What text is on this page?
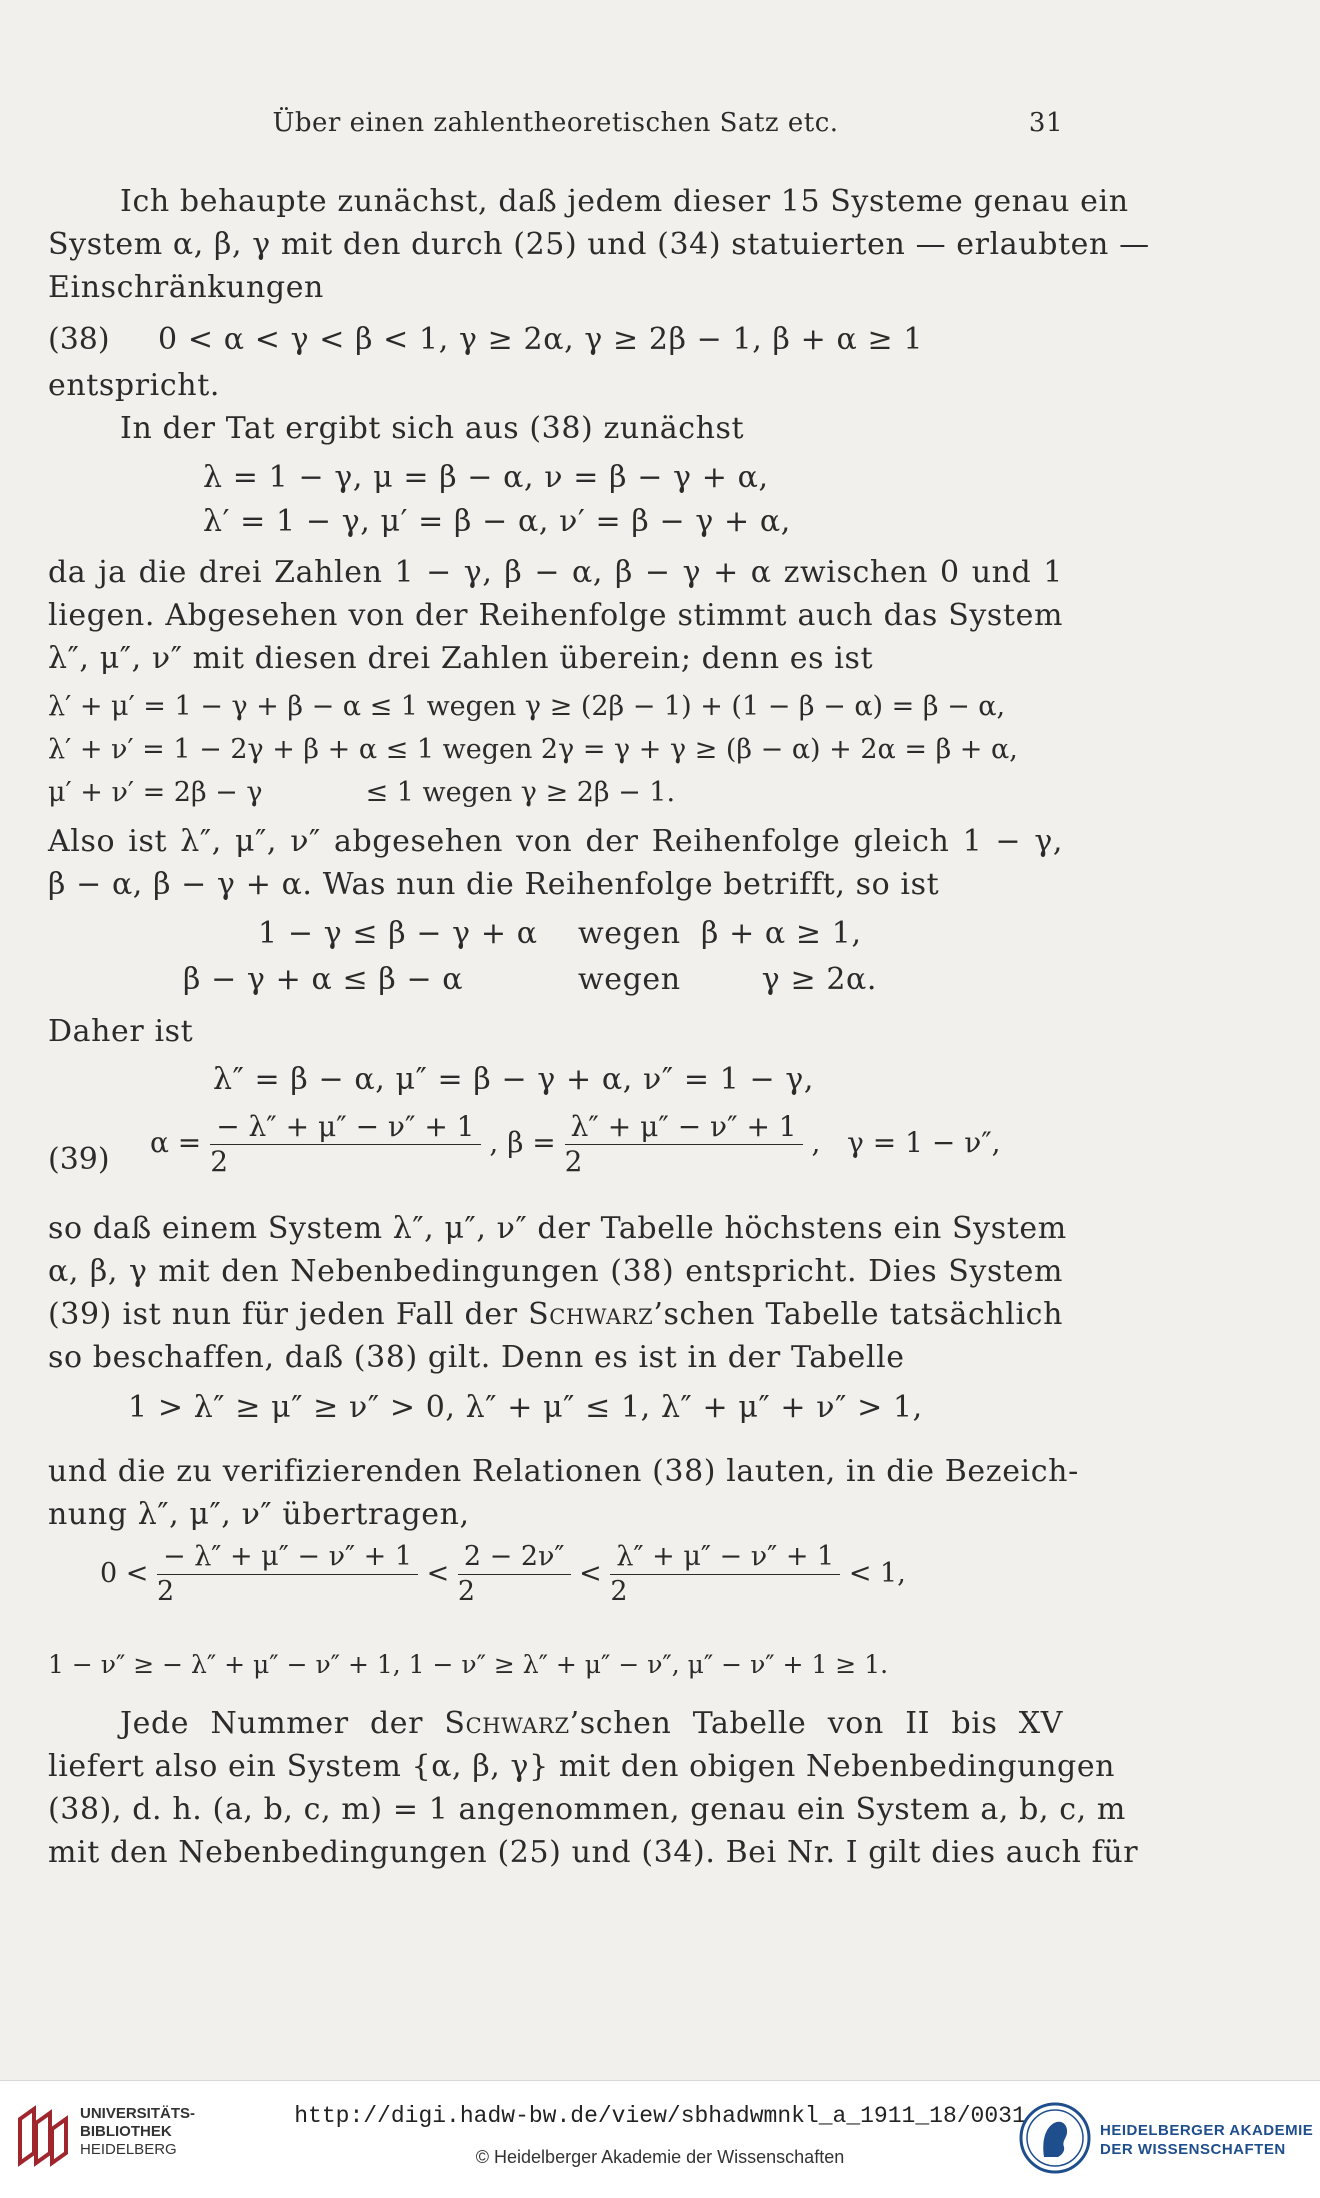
Über einen zahlentheoretischen Satz etc.	31
Ich behaupte zunächst, daß jedem dieser 15 Systeme genau ein
System α, β, γ mit den durch (25) und (34) statuierten — erlaubten —
Einschränkungen
(38) 0 < α < γ < β < 1, γ ≥ 2α, γ ≥ 2β − 1, β + α ≥ 1
entspricht.
In der Tat ergibt sich aus (38) zunächst
λ = 1 − γ, μ = β − α, ν = β − γ + α,
λ′ = 1 − γ, μ′ = β − α, ν′ = β − γ + α,
da ja die drei Zahlen 1 − γ, β − α, β − γ + α zwischen 0 und 1
liegen. Abgesehen von der Reihenfolge stimmt auch das System
λ″, μ″, ν″ mit diesen drei Zahlen überein; denn es ist
λ′ + μ′ = 1 − γ + β − α ≤ 1 wegen γ ≥ (2β − 1) + (1 − β − α) = β − α,
λ′ + ν′ = 1 − 2γ + β + α ≤ 1 wegen 2γ = γ + γ ≥ (β − α) + 2α = β + α,
μ′ + ν′ = 2β − γ            ≤ 1 wegen γ ≥ 2β − 1.
Also ist λ″, μ″, ν″ abgesehen von der Reihenfolge gleich 1 − γ,
β − α, β − γ + α. Was nun die Reihenfolge betrifft, so ist
1 − γ ≤ β − γ + α	wegen  β + α ≥ 1,
β − γ + α ≤ β − α	wegen        γ ≥ 2α.
Daher ist
λ″ = β − α, μ″ = β − γ + α, ν″ = 1 − γ,
(39) $\alpha = \frac{- \lambda'' + \mu'' - \nu'' + 1}{2}$ , $\beta = \frac{\lambda'' + \mu'' - \nu'' + 1}{2}$ ,   γ = 1 − ν″,
so daß einem System λ″, μ″, ν″ der Tabelle höchstens ein System
α, β, γ mit den Nebenbedingungen (38) entspricht. Dies System
(39) ist nun für jeden Fall der Schwarz’schen Tabelle tatsächlich
so beschaffen, daß (38) gilt. Denn es ist in der Tabelle
1 > λ″ ≥ μ″ ≥ ν″ > 0, λ″ + μ″ ≤ 1, λ″ + μ″ + ν″ > 1,
und die zu verifizierenden Relationen (38) lauten, in die Bezeich-
nung λ″, μ″, ν″ übertragen,
$0 < \frac{- \lambda'' + \mu'' - \nu'' + 1}{2} < \frac{2 - 2\nu''}{2} < \frac{\lambda'' + \mu'' - \nu'' + 1}{2} < 1$,
1 − ν″ ≥ − λ″ + μ″ − ν″ + 1, 1 − ν″ ≥ λ″ + μ″ − ν″, μ″ − ν″ + 1 ≥ 1.
Jede Nummer der Schwarz’schen Tabelle von II bis XV
liefert also ein System {α, β, γ} mit den obigen Nebenbedingungen
(38), d. h. (a, b, c, m) = 1 angenommen, genau ein System a, b, c, m
mit den Nebenbedingungen (25) und (34). Bei Nr. I gilt dies auch für
UNIVERSITÄTS-
BIBLIOTHEK
HEIDELBERG
http://digi.hadw-bw.de/view/sbhadwmnkl_a_1911_18/0031
© Heidelberger Akademie der Wissenschaften
HEIDELBERGER AKADEMIE
DER WISSENSCHAFTEN
